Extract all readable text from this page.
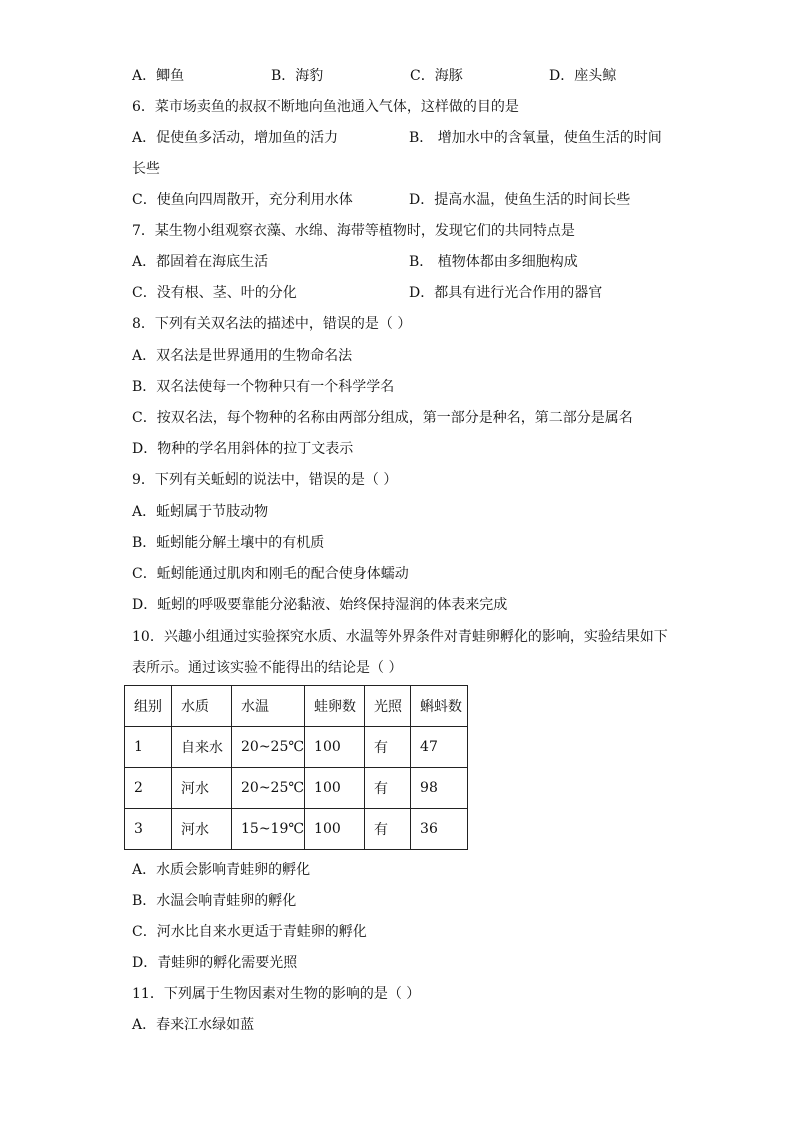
A．鲫鱼	B．海豹	C．海豚	D．座头鲸
6．菜市场卖鱼的叔叔不断地向鱼池通入气体，这样做的目的是
A．促使鱼多活动，增加鱼的活力	B． 增加水中的含氧量，使鱼生活的时间
长些
C．使鱼向四周散开，充分利用水体	D．提高水温，使鱼生活的时间长些
7．某生物小组观察衣藻、水绵、海带等植物时，发现它们的共同特点是
A．都固着在海底生活	B． 植物体都由多细胞构成
C．没有根、茎、叶的分化	D．都具有进行光合作用的器官
8．下列有关双名法的描述中，错误的是（ ）
A．双名法是世界通用的生物命名法
B．双名法使每一个物种只有一个科学学名
C．按双名法，每个物种的名称由两部分组成，第一部分是种名，第二部分是属名
D．物种的学名用斜体的拉丁文表示
9．下列有关蚯蚓的说法中，错误的是（ ）
A．蚯蚓属于节肢动物
B．蚯蚓能分解土壤中的有机质
C．蚯蚓能通过肌肉和刚毛的配合使身体蠕动
D．蚯蚓的呼吸要靠能分泌黏液、始终保持湿润的体表来完成
10．兴趣小组通过实验探究水质、水温等外界条件对青蛙卵孵化的影响，实验结果如下
表所示。通过该实验不能得出的结论是（ ）
组别	水质	水温	蛙卵数	光照	蝌蚪数
1	自来水	20~25℃	100	有	47
2	河水	20~25℃	100	有	98
3	河水	15~19℃	100	有	36
A．水质会影响青蛙卵的孵化
B．水温会响青蛙卵的孵化
C．河水比自来水更适于青蛙卵的孵化
D．青蛙卵的孵化需要光照
11．下列属于生物因素对生物的影响的是（ ）
A．春来江水绿如蓝
